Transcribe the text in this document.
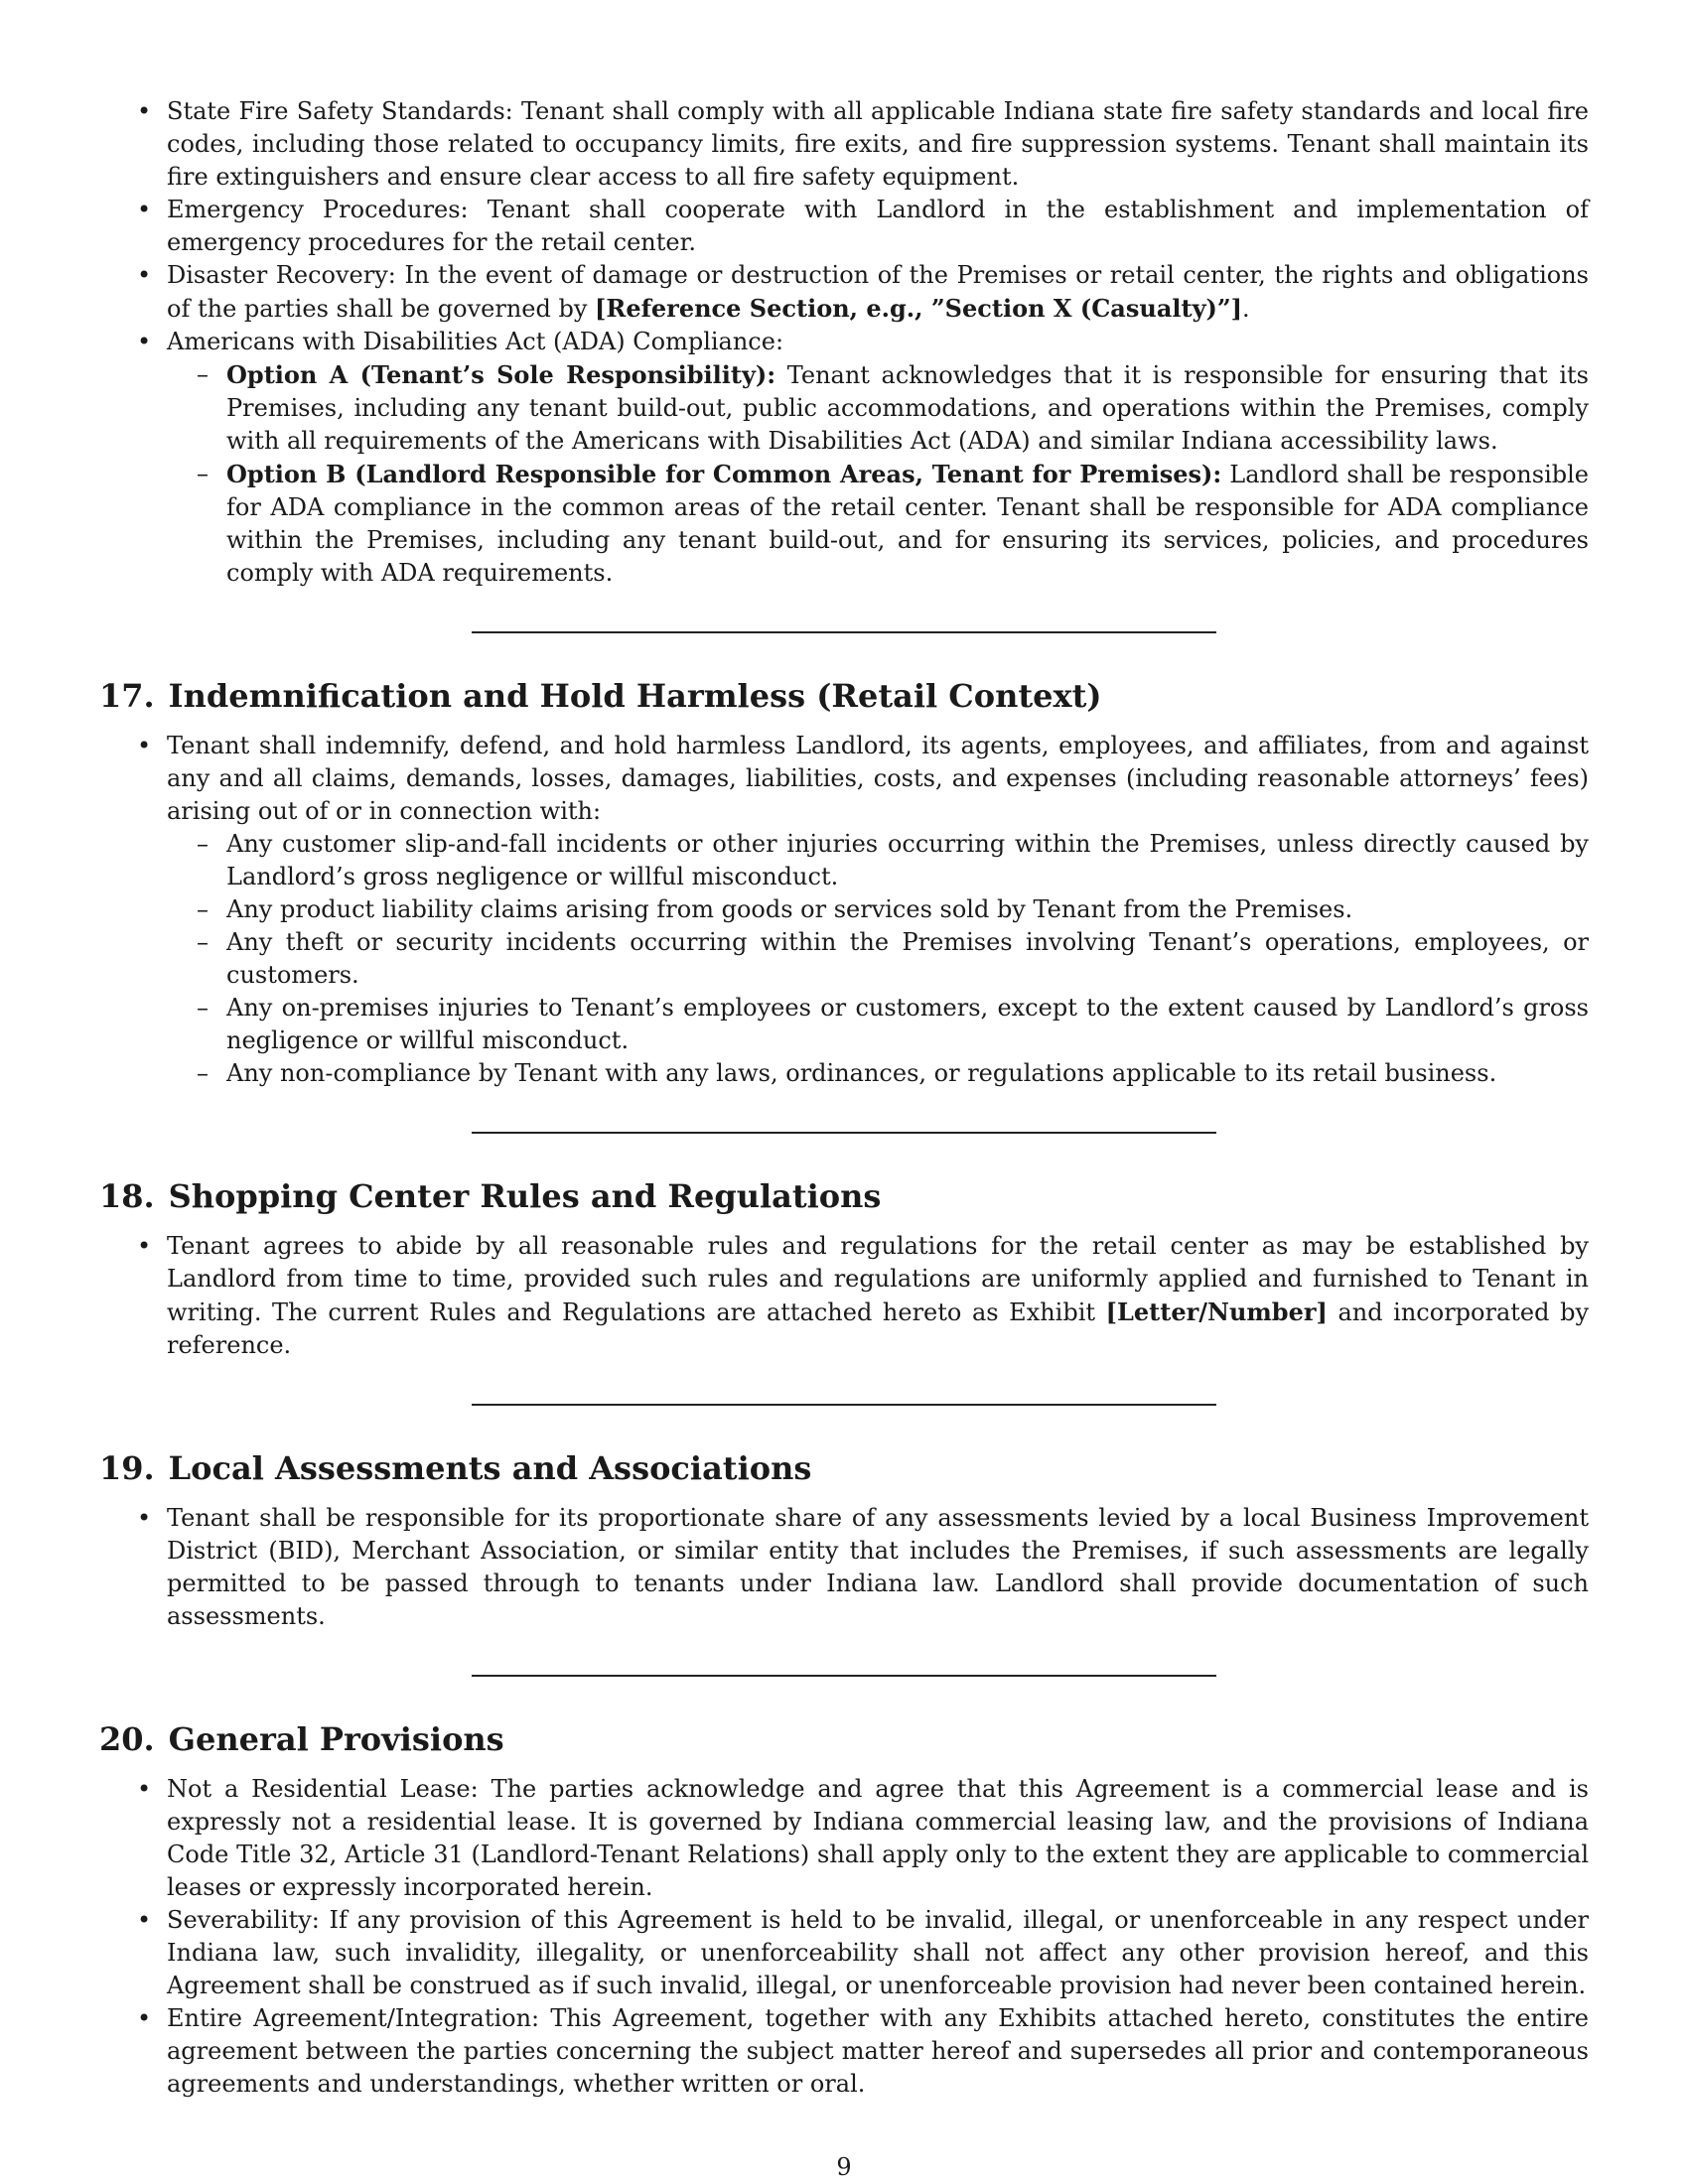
• State Fire Safety Standards: Tenant shall comply with all applicable Indiana state fire safety standards and local fire codes, including those related to occupancy limits, fire exits, and fire suppression systems. Tenant shall maintain its fire extinguishers and ensure clear access to all fire safety equipment.
• Emergency Procedures: Tenant shall cooperate with Landlord in the establishment and implementation of emergency procedures for the retail center.
• Disaster Recovery: In the event of damage or destruction of the Premises or retail center, the rights and obligations of the parties shall be governed by [Reference Section, e.g., ”Section X (Casualty)”].
• Americans with Disabilities Act (ADA) Compliance:
– Option A (Tenant’s Sole Responsibility): Tenant acknowledges that it is responsible for ensuring that its Premises, including any tenant build-out, public accommodations, and operations within the Premises, comply with all requirements of the Americans with Disabilities Act (ADA) and similar Indiana accessibility laws.
– Option B (Landlord Responsible for Common Areas, Tenant for Premises): Landlord shall be responsible for ADA compliance in the common areas of the retail center. Tenant shall be responsible for ADA compliance within the Premises, including any tenant build-out, and for ensuring its services, policies, and procedures comply with ADA requirements.
17. Indemnification and Hold Harmless (Retail Context)
• Tenant shall indemnify, defend, and hold harmless Landlord, its agents, employees, and affiliates, from and against any and all claims, demands, losses, damages, liabilities, costs, and expenses (including reasonable attorneys’ fees) arising out of or in connection with:
– Any customer slip-and-fall incidents or other injuries occurring within the Premises, unless directly caused by Landlord’s gross negligence or willful misconduct.
– Any product liability claims arising from goods or services sold by Tenant from the Premises.
– Any theft or security incidents occurring within the Premises involving Tenant’s operations, employees, or customers.
– Any on-premises injuries to Tenant’s employees or customers, except to the extent caused by Landlord’s gross negligence or willful misconduct.
– Any non-compliance by Tenant with any laws, ordinances, or regulations applicable to its retail business.
18. Shopping Center Rules and Regulations
• Tenant agrees to abide by all reasonable rules and regulations for the retail center as may be established by Landlord from time to time, provided such rules and regulations are uniformly applied and furnished to Tenant in writing. The current Rules and Regulations are attached hereto as Exhibit [Letter/Number] and incorporated by reference.
19. Local Assessments and Associations
• Tenant shall be responsible for its proportionate share of any assessments levied by a local Business Improvement District (BID), Merchant Association, or similar entity that includes the Premises, if such assessments are legally permitted to be passed through to tenants under Indiana law. Landlord shall provide documentation of such assessments.
20. General Provisions
• Not a Residential Lease: The parties acknowledge and agree that this Agreement is a commercial lease and is expressly not a residential lease. It is governed by Indiana commercial leasing law, and the provisions of Indiana Code Title 32, Article 31 (Landlord-Tenant Relations) shall apply only to the extent they are applicable to commercial leases or expressly incorporated herein.
• Severability: If any provision of this Agreement is held to be invalid, illegal, or unenforceable in any respect under Indiana law, such invalidity, illegality, or unenforceability shall not affect any other provision hereof, and this Agreement shall be construed as if such invalid, illegal, or unenforceable provision had never been contained herein.
• Entire Agreement/Integration: This Agreement, together with any Exhibits attached hereto, constitutes the entire agreement between the parties concerning the subject matter hereof and supersedes all prior and contemporaneous agreements and understandings, whether written or oral.
9
